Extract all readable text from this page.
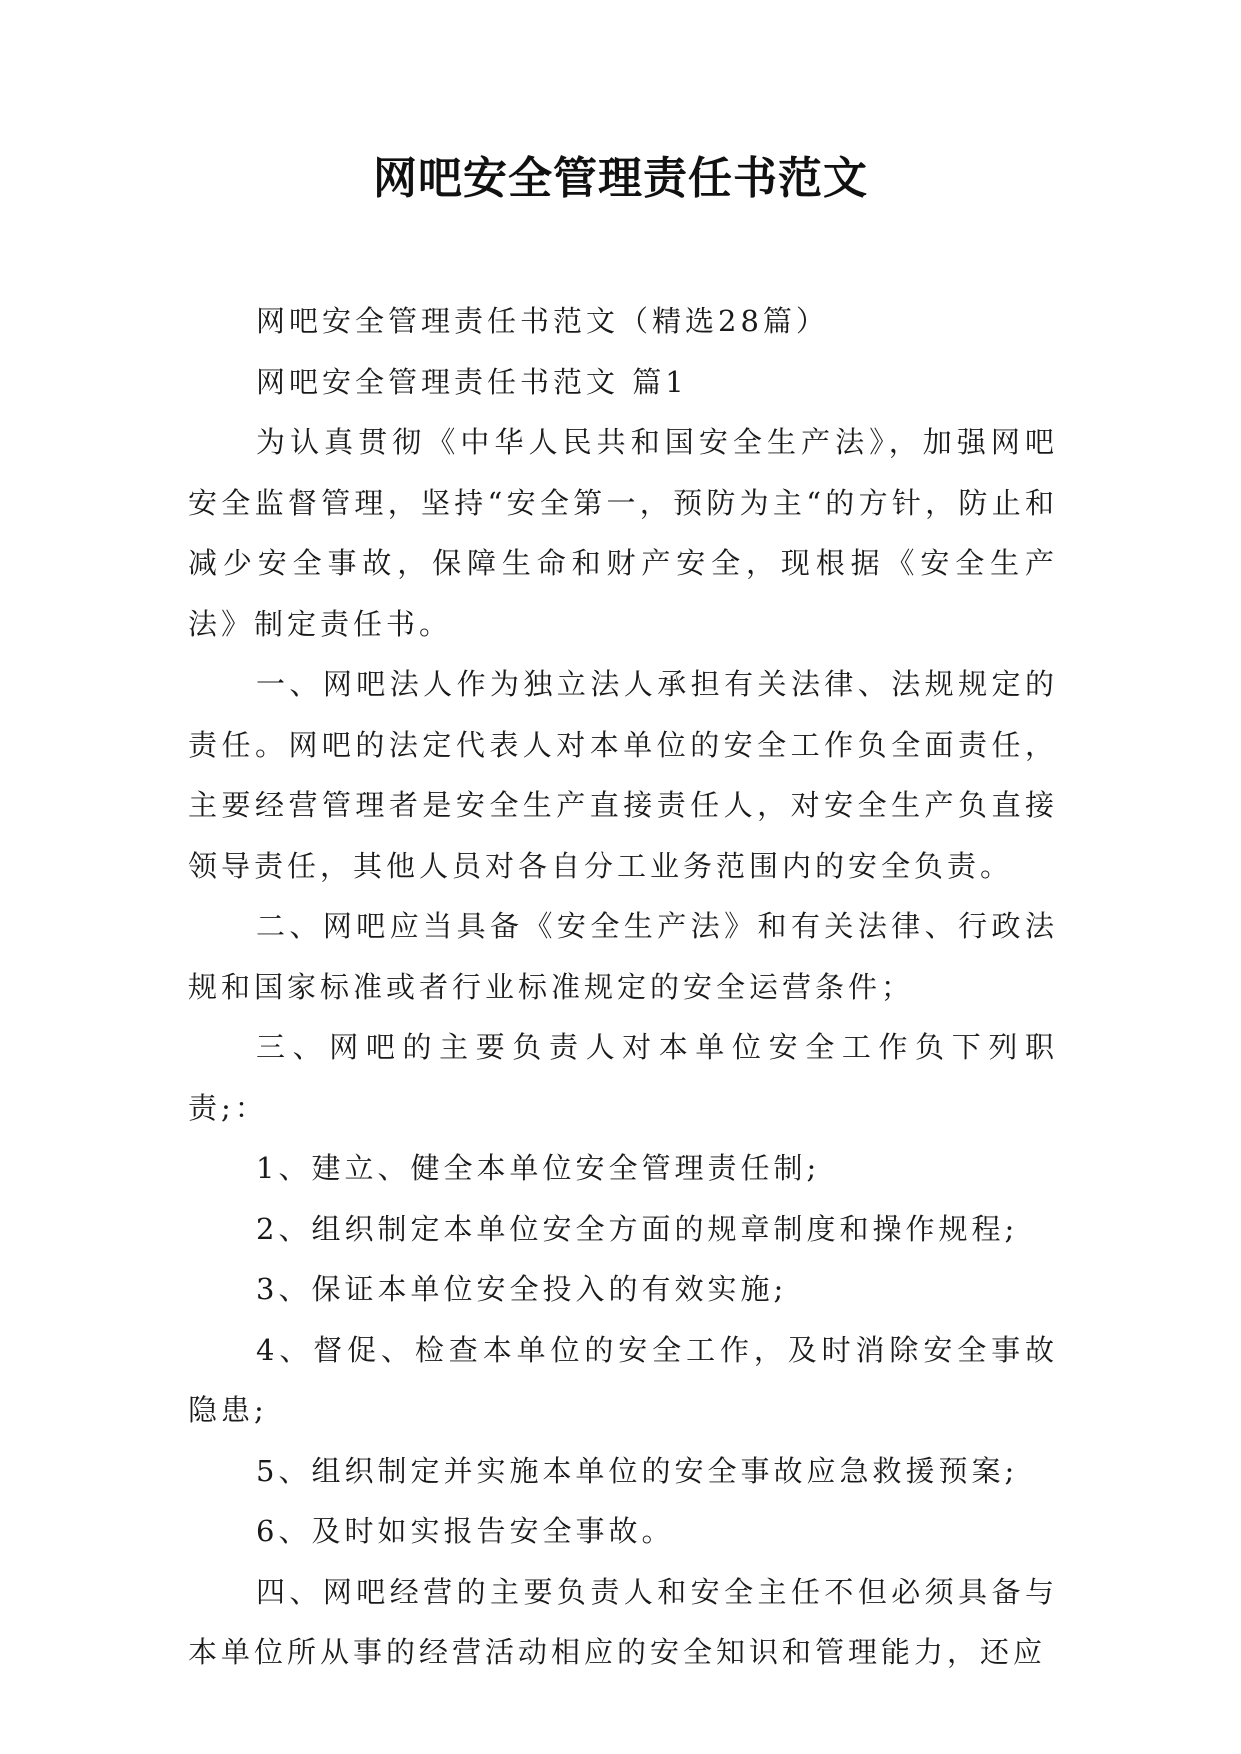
网吧安全管理责任书范文

网吧安全管理责任书范文（精选28篇）

网吧安全管理责任书范文 篇1

为认真贯彻《中华人民共和国安全生产法》，加强网吧安全监督管理，坚持“安全第一，预防为主“的方针，防止和减少安全事故，保障生命和财产安全，现根据《安全生产法》制定责任书。

一、网吧法人作为独立法人承担有关法律、法规规定的责任。网吧的法定代表人对本单位的安全工作负全面责任，主要经营管理者是安全生产直接责任人，对安全生产负直接领导责任，其他人员对各自分工业务范围内的安全负责。

二、网吧应当具备《安全生产法》和有关法律、行政法规和国家标准或者行业标准规定的安全运营条件；

三、网吧的主要负责人对本单位安全工作负下列职责;：

1、建立、健全本单位安全管理责任制;

2、组织制定本单位安全方面的规章制度和操作规程;

3、保证本单位安全投入的有效实施;

4、督促、检查本单位的安全工作，及时消除安全事故隐患;

5、组织制定并实施本单位的安全事故应急救援预案;

6、及时如实报告安全事故。

四、网吧经营的主要负责人和安全主任不但必须具备与本单位所从事的经营活动相应的安全知识和管理能力，还应
